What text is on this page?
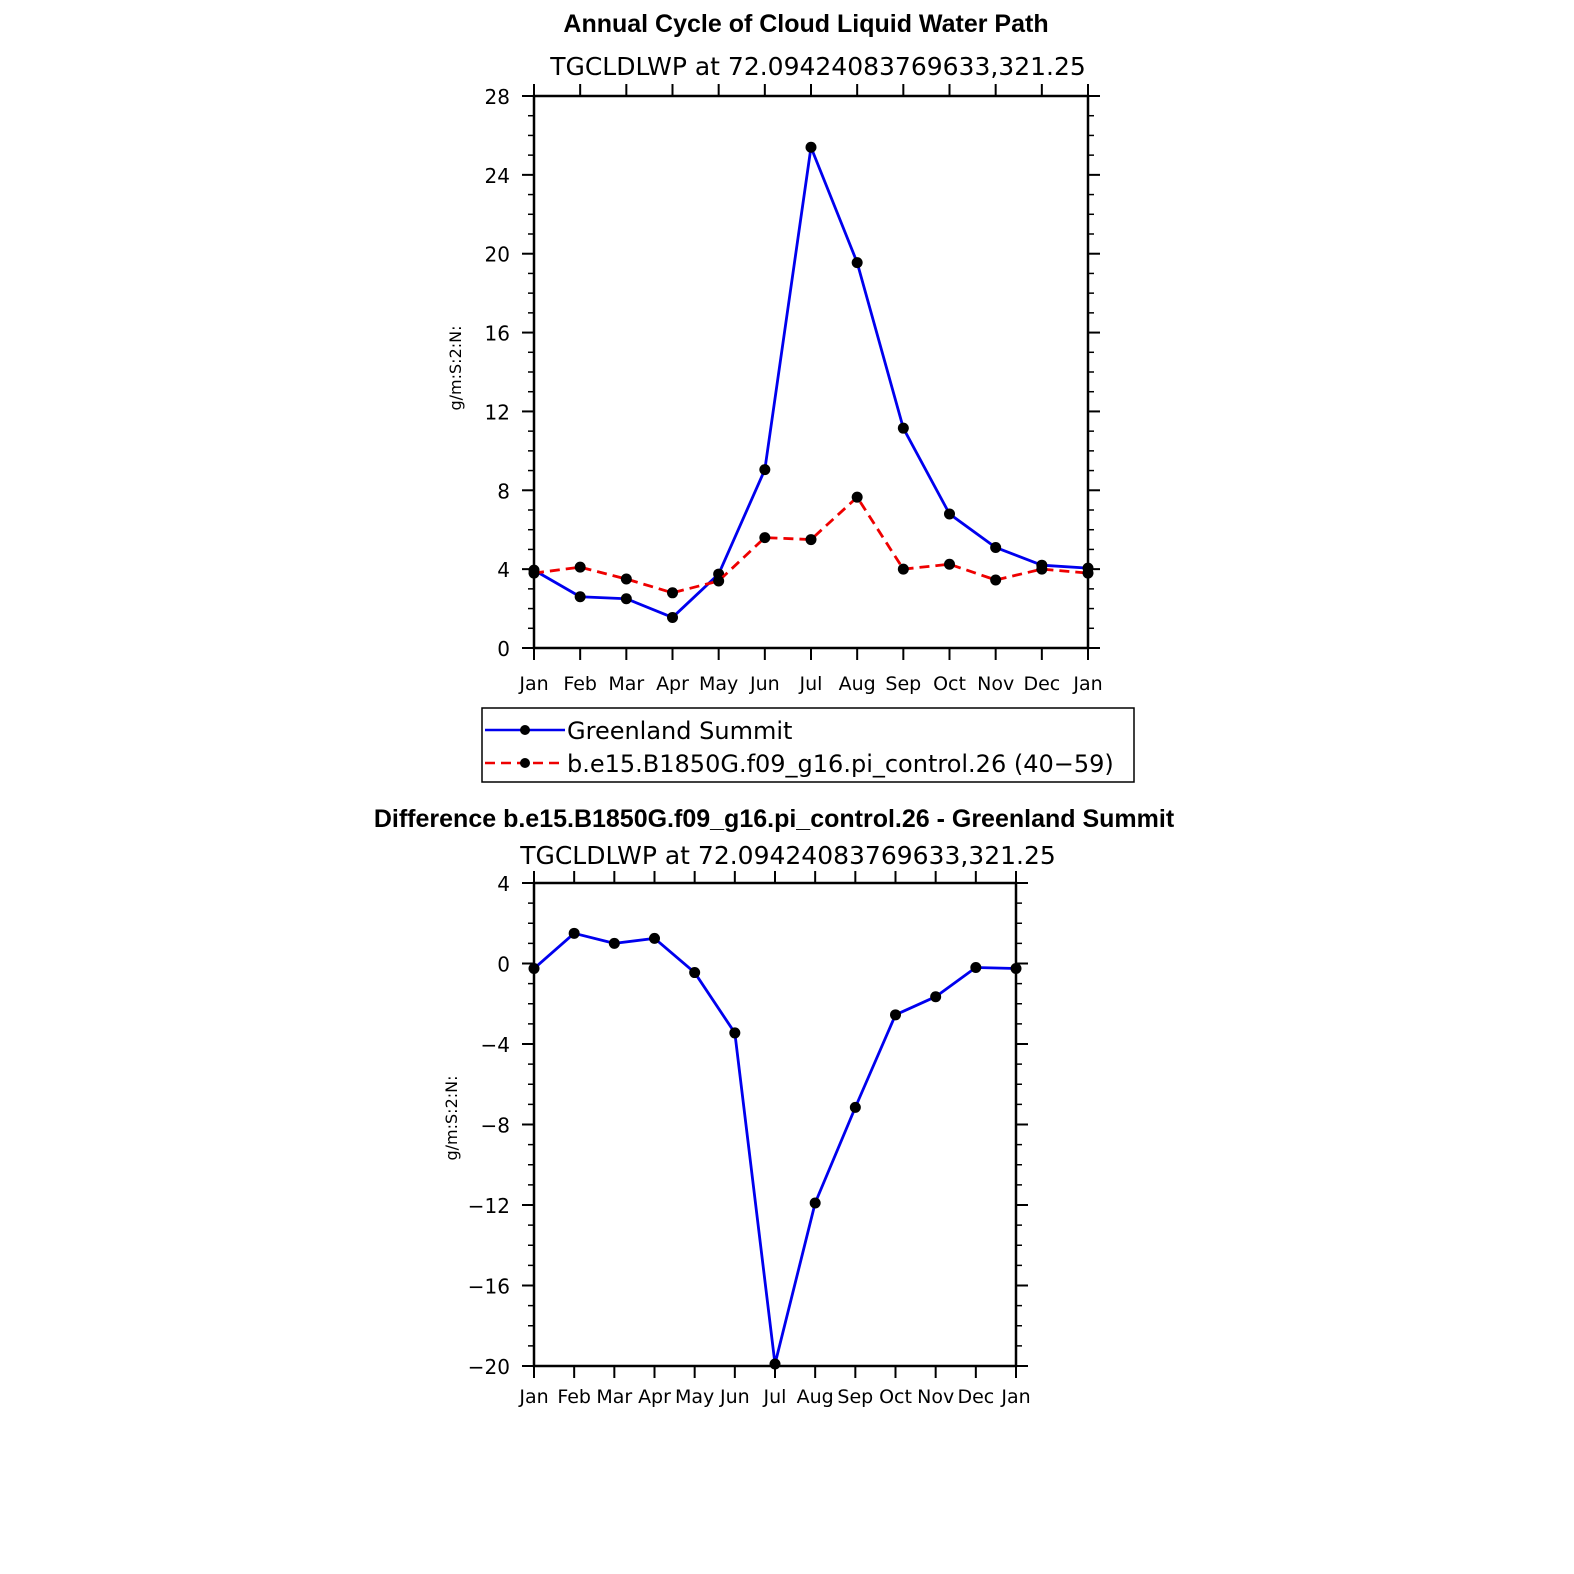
Annual Cycle of Cloud Liquid Water Path
TGCLDLWP at 72.09424083769633,321.25
g/m:S:2:N:
0
4
8
12
16
20
24
28
Jan Feb Mar Apr May Jun Jul Aug Sep Oct Nov Dec Jan
Greenland Summit
b.e15.B1850G.f09_g16.pi_control.26 (40−59)
Difference b.e15.B1850G.f09_g16.pi_control.26 - Greenland Summit
TGCLDLWP at 72.09424083769633,321.25
g/m:S:2:N:
−20
−16
−12
−8
−4
0
4
Jan Feb Mar Apr May Jun Jul Aug Sep Oct Nov Dec Jan
